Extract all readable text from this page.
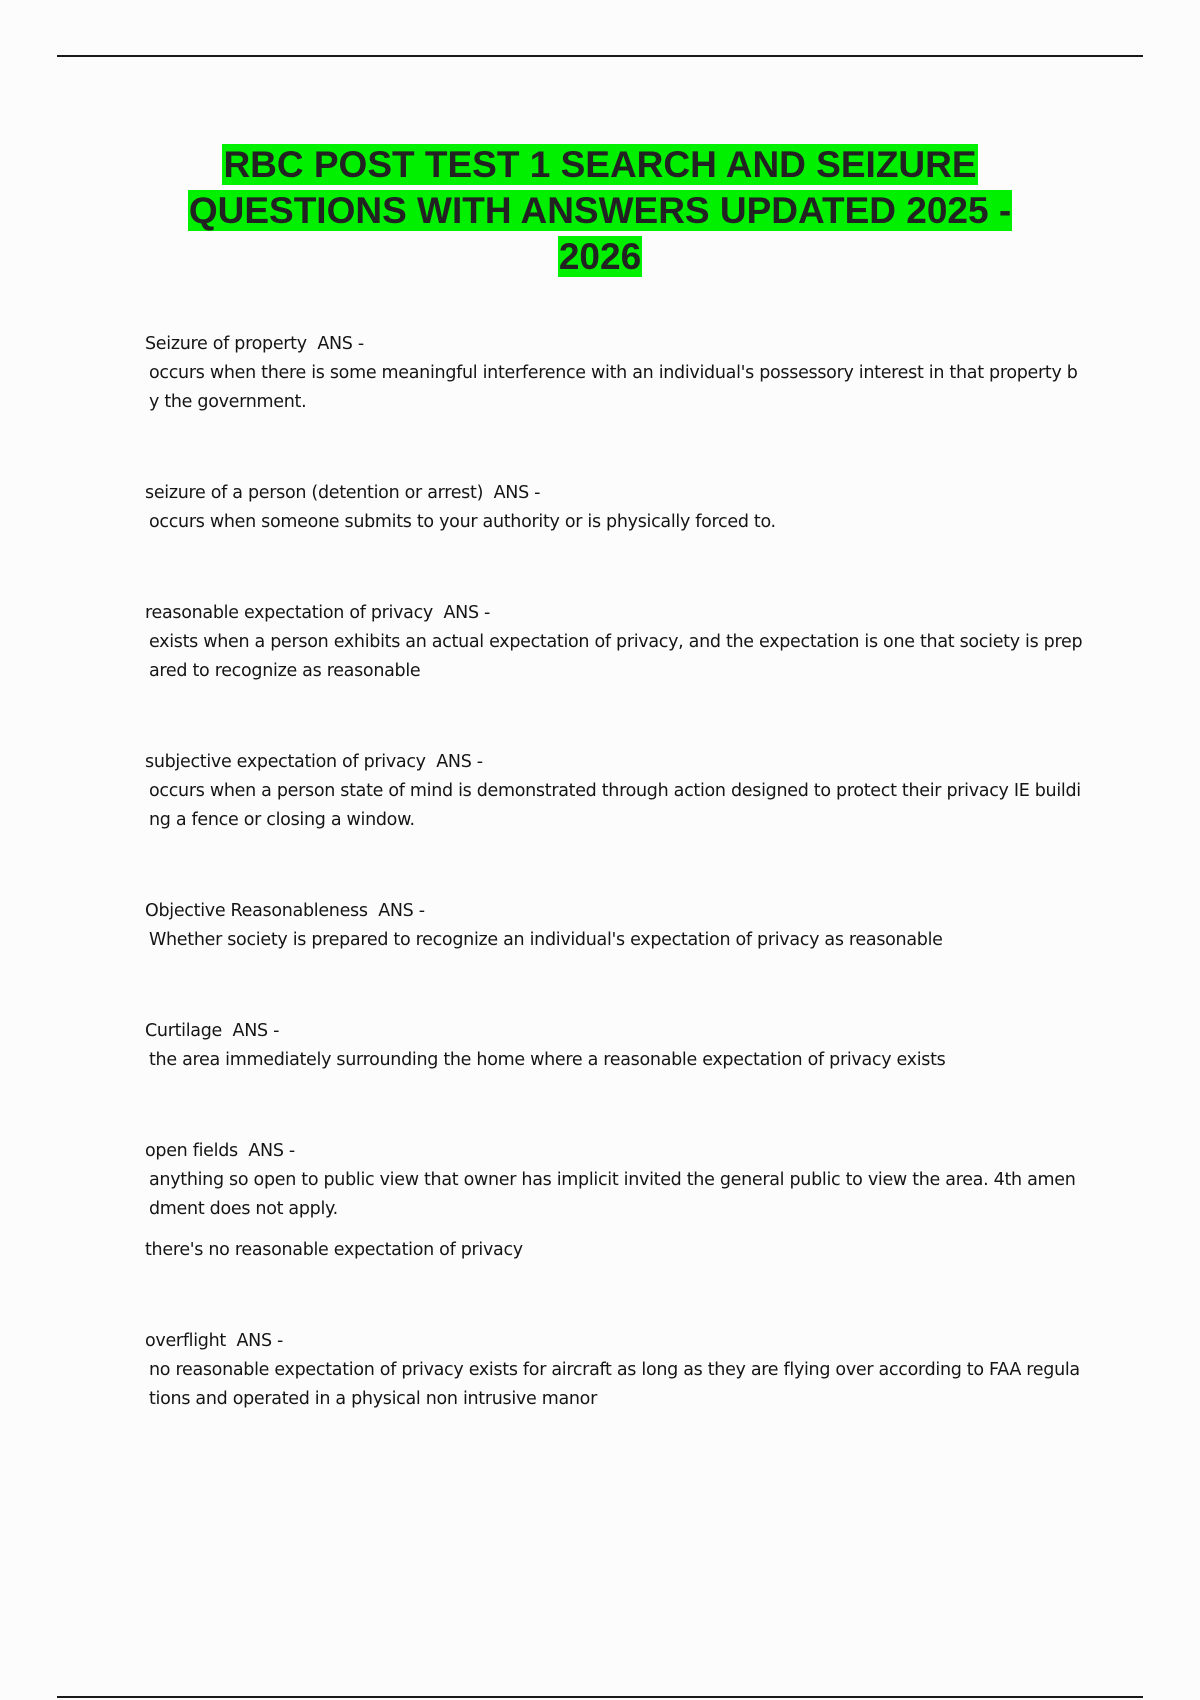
RBC POST TEST 1 SEARCH AND SEIZURE
QUESTIONS WITH ANSWERS UPDATED 2025 -
2026
Seizure of property ANS -
occurs when there is some meaningful interference with an individual's possessory interest in that property by the government.
seizure of a person (detention or arrest) ANS -
occurs when someone submits to your authority or is physically forced to.
reasonable expectation of privacy ANS -
exists when a person exhibits an actual expectation of privacy, and the expectation is one that society is prepared to recognize as reasonable
subjective expectation of privacy ANS -
occurs when a person state of mind is demonstrated through action designed to protect their privacy IE building a fence or closing a window.
Objective Reasonableness ANS -
Whether society is prepared to recognize an individual's expectation of privacy as reasonable
Curtilage ANS -
the area immediately surrounding the home where a reasonable expectation of privacy exists
open fields ANS -
anything so open to public view that owner has implicit invited the general public to view the area. 4th amendment does not apply.
there's no reasonable expectation of privacy
overflight ANS -
no reasonable expectation of privacy exists for aircraft as long as they are flying over according to FAA regulations and operated in a physical non intrusive manor
